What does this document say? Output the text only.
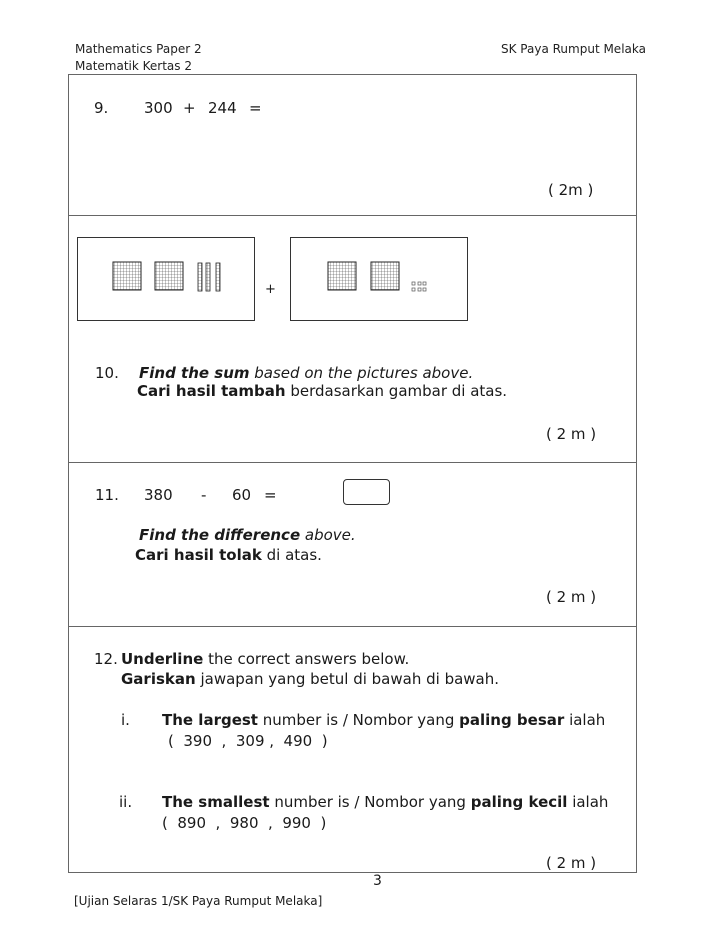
Mathematics Paper 2
Matematik Kertas 2
SK Paya Rumput Melaka
9. 300 + 244 =
( 2m )
+
10. Find the sum based on the pictures above.
Cari hasil tambah berdasarkan gambar di atas.
( 2 m )
11. 380 - 60 =
Find the difference above.
Cari hasil tolak di atas.
( 2 m )
12. Underline the correct answers below.
Gariskan jawapan yang betul di bawah di bawah.
i. The largest number is / Nombor yang paling besar ialah
(  390  ,  309 ,  490  )
ii. The smallest number is / Nombor yang paling kecil ialah
(  890  ,  980  ,  990  )
( 2 m )
3
[Ujian Selaras 1/SK Paya Rumput Melaka]
